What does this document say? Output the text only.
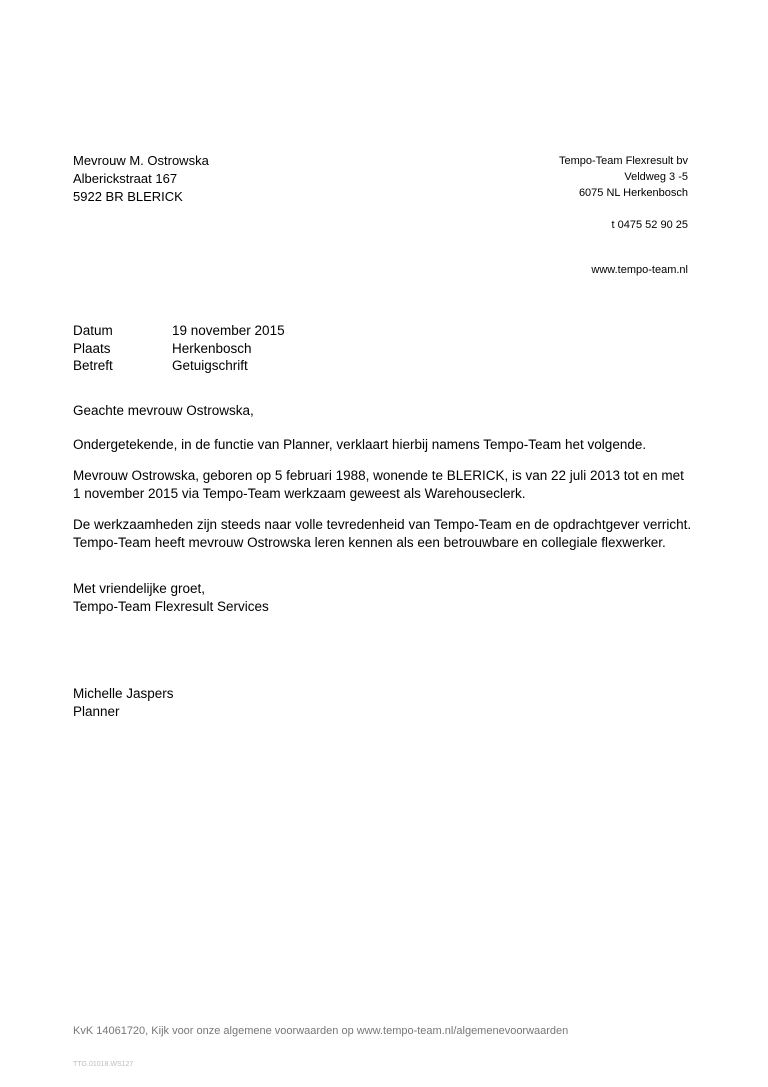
Mevrouw M. Ostrowska
Alberickstraat 167
5922 BR BLERICK
Tempo-Team Flexresult bv
Veldweg 3 -5
6075 NL Herkenbosch
t 0475 52 90 25
www.tempo-team.nl
Datum	19 november 2015
Plaats	Herkenbosch
Betreft	Getuigschrift

Geachte mevrouw Ostrowska,

Ondergetekende, in de functie van Planner, verklaart hierbij namens Tempo-Team het volgende.

Mevrouw Ostrowska, geboren op 5 februari 1988, wonende te BLERICK, is van 22 juli 2013 tot en met

1 november 2015 via Tempo-Team werkzaam geweest als Warehouseclerk.

De werkzaamheden zijn steeds naar volle tevredenheid van Tempo-Team en de opdrachtgever verricht.

Tempo-Team heeft mevrouw Ostrowska leren kennen als een betrouwbare en collegiale flexwerker.

Met vriendelijke groet,

Tempo-Team Flexresult Services

Michelle Jaspers

Planner

KvK 14061720, Kijk voor onze algemene voorwaarden op www.tempo-team.nl/algemenevoorwaarden
TTG.01018.WS127
